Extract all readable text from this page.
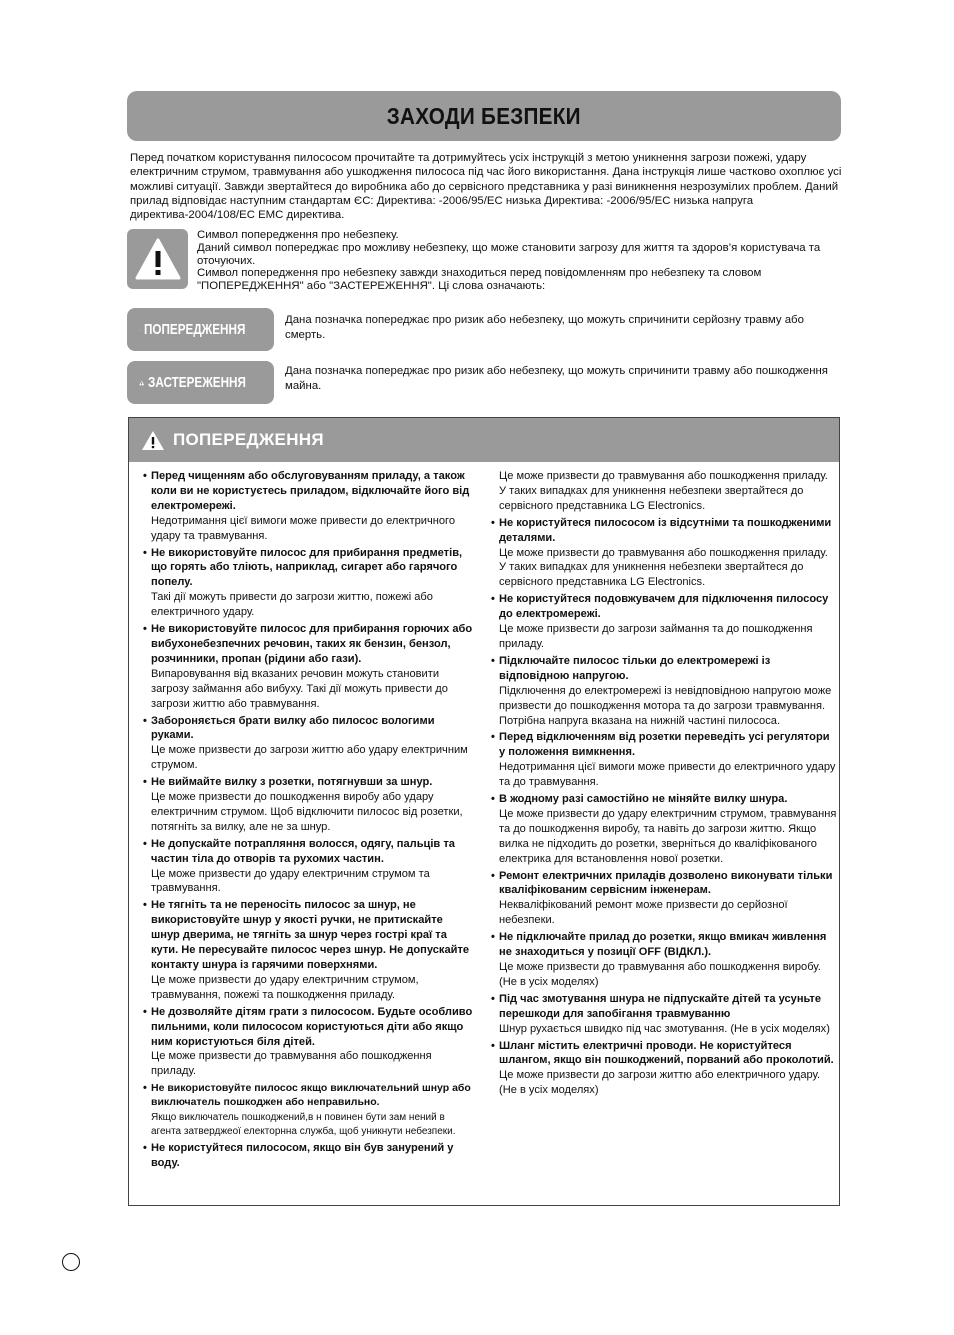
ЗАХОДИ БЕЗПЕКИ

Перед початком користування пилососом прочитайте та дотримуйтесь усіх інструкцій з метою уникнення загрози пожежі, удару електричним струмом, травмування або ушкодження пилососа під час його використання. Дана інструкція лише частково охоплює усі можливі ситуації. Завжди звертайтеся до виробника або до сервісного представника у разі виникнення незрозумілих проблем. Даний прилад відповідає наступним стандартам ЄС: Директива: -2006/95/ЕС низька Директива: -2006/95/ЕС низька напруга директива-2004/108/ЕС EMC директива.

Символ попередження про небезпеку.

Даний символ попереджає про можливу небезпеку, що може становити загрозу для життя та здоров’я користувача та оточуючих.

Символ попередження про небезпеку завжди знаходиться перед повідомленням про небезпеку та словом "ПОПЕРЕДЖЕННЯ" або "ЗАСТЕРЕЖЕННЯ". Ці слова означають:

ПОПЕРЕДЖЕННЯ

Дана позначка попереджає про ризик або небезпеку, що можуть спричинити серйозну травму або смерть.

ЗАСТЕРЕЖЕННЯ

Дана позначка попереджає про ризик або небезпеку, що можуть спричинити травму або пошкодження майна.

ПОПЕРЕДЖЕННЯ
• Перед чищенням або обслуговуванням приладу, а також коли ви не користуєтесь приладом, відключайте його від електромережі.
Недотримання цієї вимоги може привести до електричного удару та травмування.
• Не використовуйте пилосос для прибирання предметів, що горять або тліють, наприклад, сигарет або гарячого попелу.
Такі дії можуть привести до загрози життю, пожежі або електричного удару.
• Не використовуйте пилосос для прибирання горючих або вибухонебезпечних речовин, таких як бензин, бензол, розчинники, пропан (рідини або гази).
Випаровування від вказаних речовин можуть становити загрозу займання або вибуху. Такі дії можуть привести до загрози життю або травмування.
• Забороняється брати вилку або пилосос вологими руками.
Це може призвести до загрози життю або удару електричним струмом.
• Не виймайте вилку з розетки, потягнувши за шнур.
Це може призвести до пошкодження виробу або удару електричним струмом. Щоб відключити пилосос від розетки, потягніть за вилку, але не за шнур.
• Не допускайте потрапляння волосся, одягу, пальців та частин тіла до отворів та рухомих частин.
Це може призвести до удару електричним струмом та травмування.
• Не тягніть та не переносіть пилосос за шнур, не використовуйте шнур у якості ручки, не притискайте шнур дверима, не тягніть за шнур через гострі краї та кути. Не пересувайте пилосос через шнур. Не допускайте контакту шнура із гарячими поверхнями.
Це може призвести до удару електричним струмом, травмування, пожежі та пошкодження приладу.
• Не дозволяйте дітям грати з пилососом. Будьте особливо пильними, коли пилососом користуються діти або якщо ним користуються біля дітей.
Це може призвести до травмування або пошкодження приладу.
• Не використовуйте пилосос якщо виключательний шнур або виключатель пошкоджен або неправильно.
Якщо виключатель пошкоджений,в н повинен бути зам нений в агента затверджеої електорнна служба, щоб уникнути небезпеки.
• Не користуйтеся пилососом, якщо він був занурений у воду.
Це може призвести до травмування або пошкодження приладу. У таких випадках для уникнення небезпеки звертайтеся до сервісного представника LG Electronics.
• Не користуйтеся пилососом із відсутніми та пошкодженими деталями.
Це може призвести до травмування або пошкодження приладу. У таких випадках для уникнення небезпеки звертайтеся до сервісного представника LG Electronics.
• Не користуйтеся подовжувачем для підключення пилососу до електромережі.
Це може призвести до загрози займання та до пошкодження приладу.
• Підключайте пилосос тільки до електромережі із відповідною напругою.
Підключення до електромережі із невідповідною напругою може призвести до пошкодження мотора та до загрози травмування. Потрібна напруга вказана на нижній частині пилососа.
• Перед відключенням від розетки переведіть усі регулятори у положення вимкнення.
Недотримання цієї вимоги може привести до електричного удару та до травмування.
• В жодному разі самостійно не міняйте вилку шнура.
Це може призвести до удару електричним струмом, травмування та до пошкодження виробу, та навіть до загрози життю. Якщо вилка не підходить до розетки, зверніться до кваліфікованого електрика для встановлення нової розетки.
• Ремонт електричних приладів дозволено виконувати тільки кваліфікованим сервісним інженерам.
Некваліфікований ремонт може призвести до серйозної небезпеки.
• Не підключайте прилад до розетки, якщо вмикач живлення не знаходиться у позиції OFF (ВІДКЛ.).
Це може призвести до травмування або пошкодження виробу.(Не в усіх моделях)
• Під час змотування шнура не підпускайте дітей та усуньте перешкоди для запобігання травмуванню
Шнур рухається швидко під час змотування. (Не в усіх моделях)
• Шланг містить електричні проводи. Не користуйтеся шлангом, якщо він пошкоджений, порваний або проколотий.
Це може призвести до загрози життю або електричного удару.(Не в усіх моделях)
